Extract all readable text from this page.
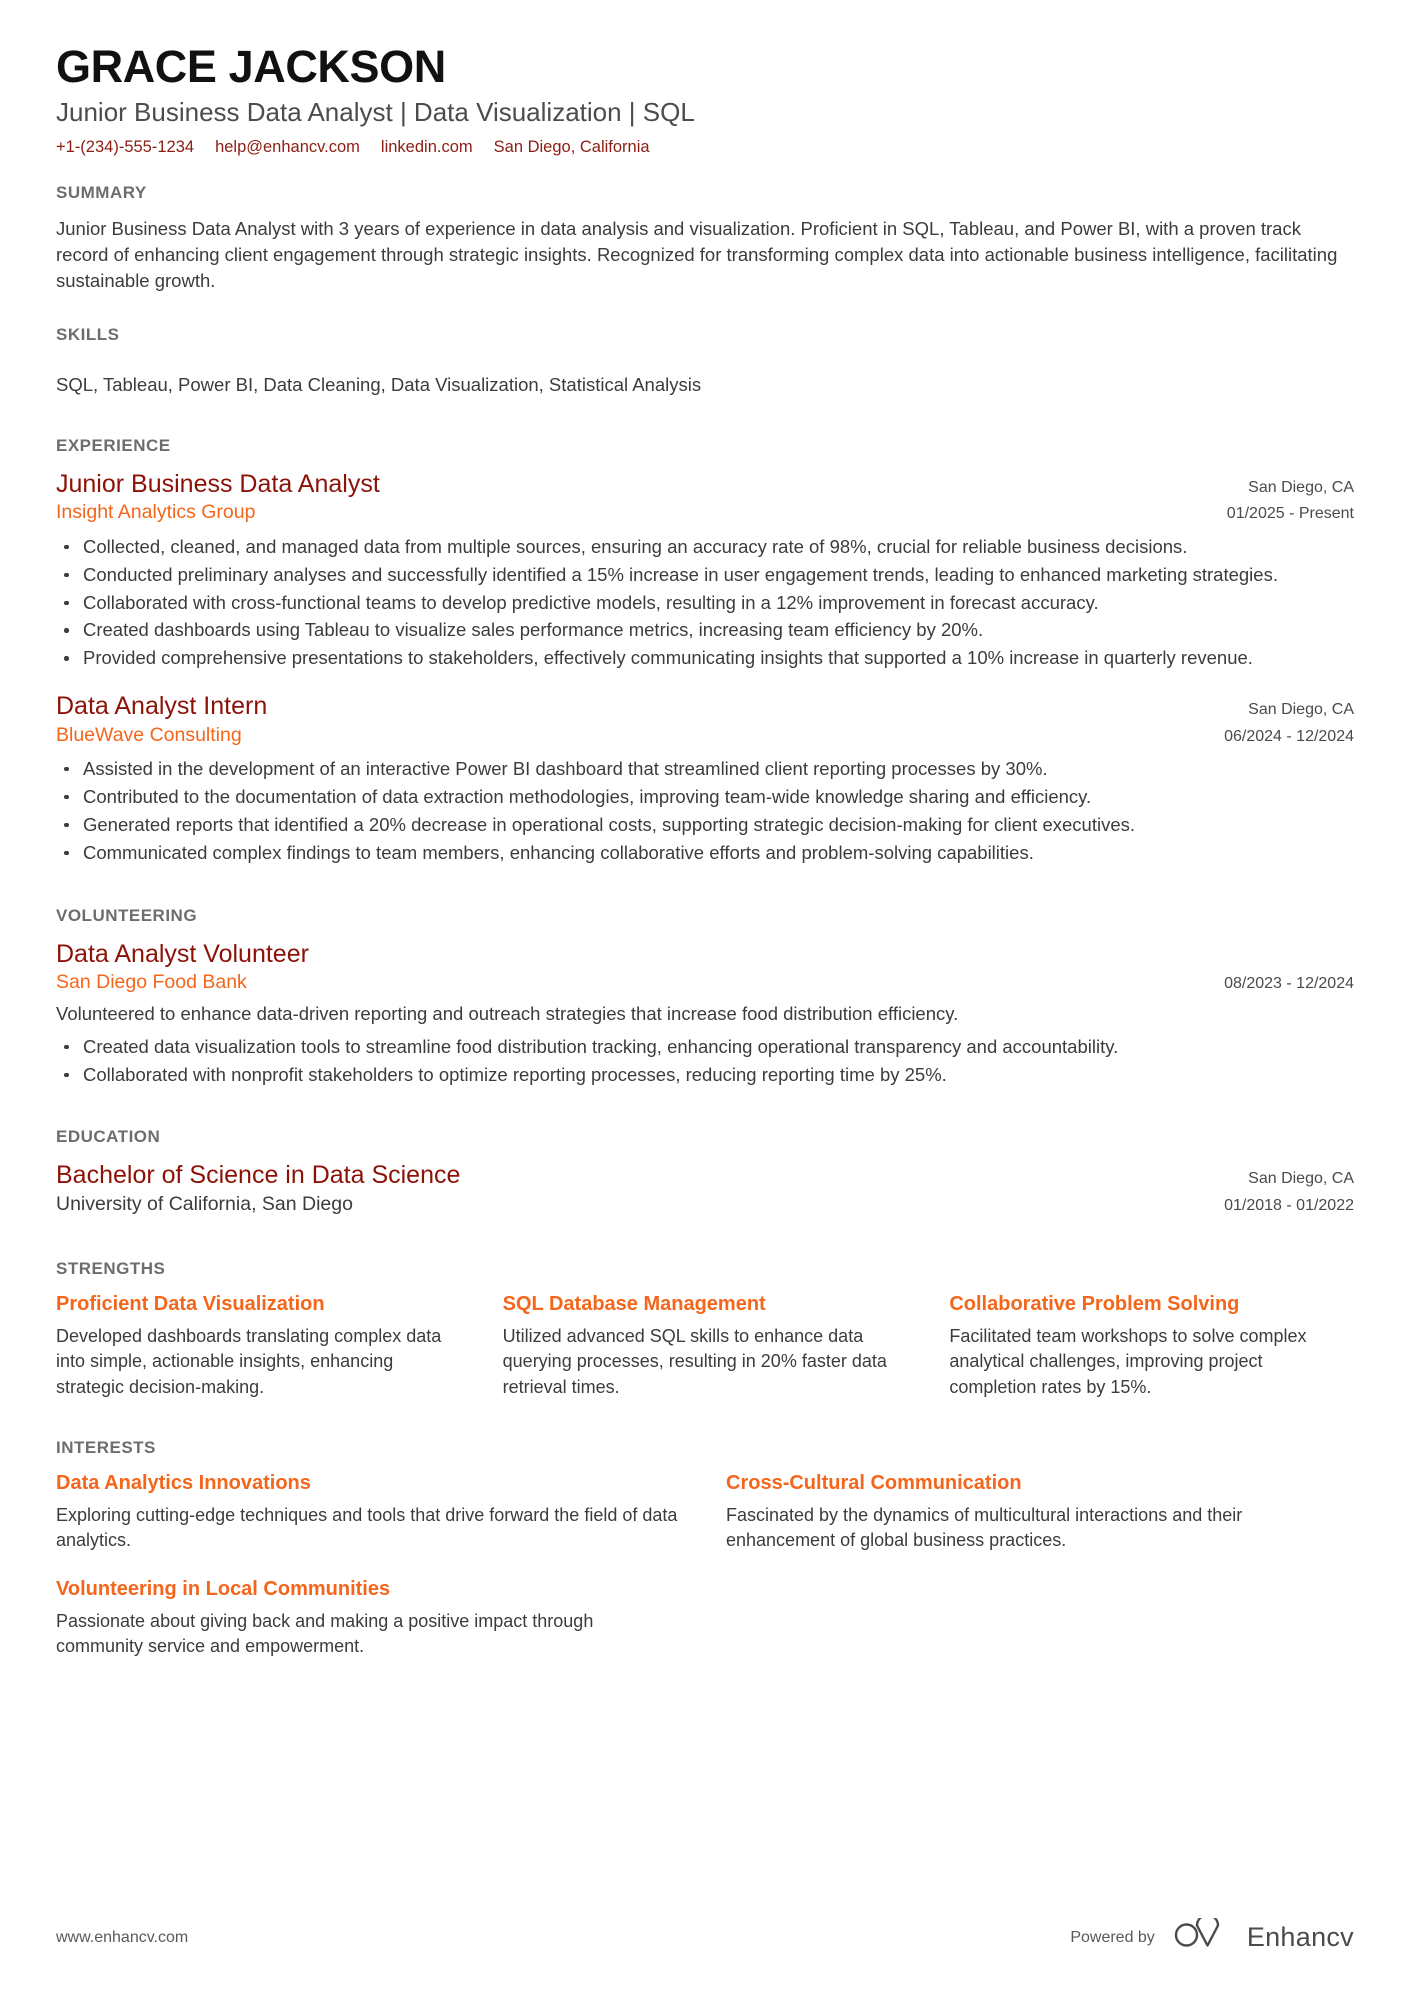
GRACE JACKSON
Junior Business Data Analyst | Data Visualization | SQL
+1-(234)-555-1234 help@enhancv.com linkedin.com San Diego, California
SUMMARY
Junior Business Data Analyst with 3 years of experience in data analysis and visualization. Proficient in SQL, Tableau, and Power BI, with a proven track record of enhancing client engagement through strategic insights. Recognized for transforming complex data into actionable business intelligence, facilitating sustainable growth.
SKILLS
SQL, Tableau, Power BI, Data Cleaning, Data Visualization, Statistical Analysis
EXPERIENCE
Junior Business Data Analyst
Insight Analytics Group
San Diego, CA
01/2025 - Present
Collected, cleaned, and managed data from multiple sources, ensuring an accuracy rate of 98%, crucial for reliable business decisions.
Conducted preliminary analyses and successfully identified a 15% increase in user engagement trends, leading to enhanced marketing strategies.
Collaborated with cross-functional teams to develop predictive models, resulting in a 12% improvement in forecast accuracy.
Created dashboards using Tableau to visualize sales performance metrics, increasing team efficiency by 20%.
Provided comprehensive presentations to stakeholders, effectively communicating insights that supported a 10% increase in quarterly revenue.
Data Analyst Intern
BlueWave Consulting
San Diego, CA
06/2024 - 12/2024
Assisted in the development of an interactive Power BI dashboard that streamlined client reporting processes by 30%.
Contributed to the documentation of data extraction methodologies, improving team-wide knowledge sharing and efficiency.
Generated reports that identified a 20% decrease in operational costs, supporting strategic decision-making for client executives.
Communicated complex findings to team members, enhancing collaborative efforts and problem-solving capabilities.
VOLUNTEERING
Data Analyst Volunteer
San Diego Food Bank	08/2023 - 12/2024
Volunteered to enhance data-driven reporting and outreach strategies that increase food distribution efficiency.
Created data visualization tools to streamline food distribution tracking, enhancing operational transparency and accountability.
Collaborated with nonprofit stakeholders to optimize reporting processes, reducing reporting time by 25%.
EDUCATION
Bachelor of Science in Data Science
University of California, San Diego
San Diego, CA
01/2018 - 01/2022
STRENGTHS
Proficient Data Visualization
Developed dashboards translating complex data into simple, actionable insights, enhancing strategic decision-making.
SQL Database Management
Utilized advanced SQL skills to enhance data querying processes, resulting in 20% faster data retrieval times.
Collaborative Problem Solving
Facilitated team workshops to solve complex analytical challenges, improving project completion rates by 15%.
INTERESTS
Data Analytics Innovations
Exploring cutting-edge techniques and tools that drive forward the field of data analytics.
Cross-Cultural Communication
Fascinated by the dynamics of multicultural interactions and their enhancement of global business practices.
Volunteering in Local Communities
Passionate about giving back and making a positive impact through community service and empowerment.
www.enhancv.com	Powered by	Enhancv
